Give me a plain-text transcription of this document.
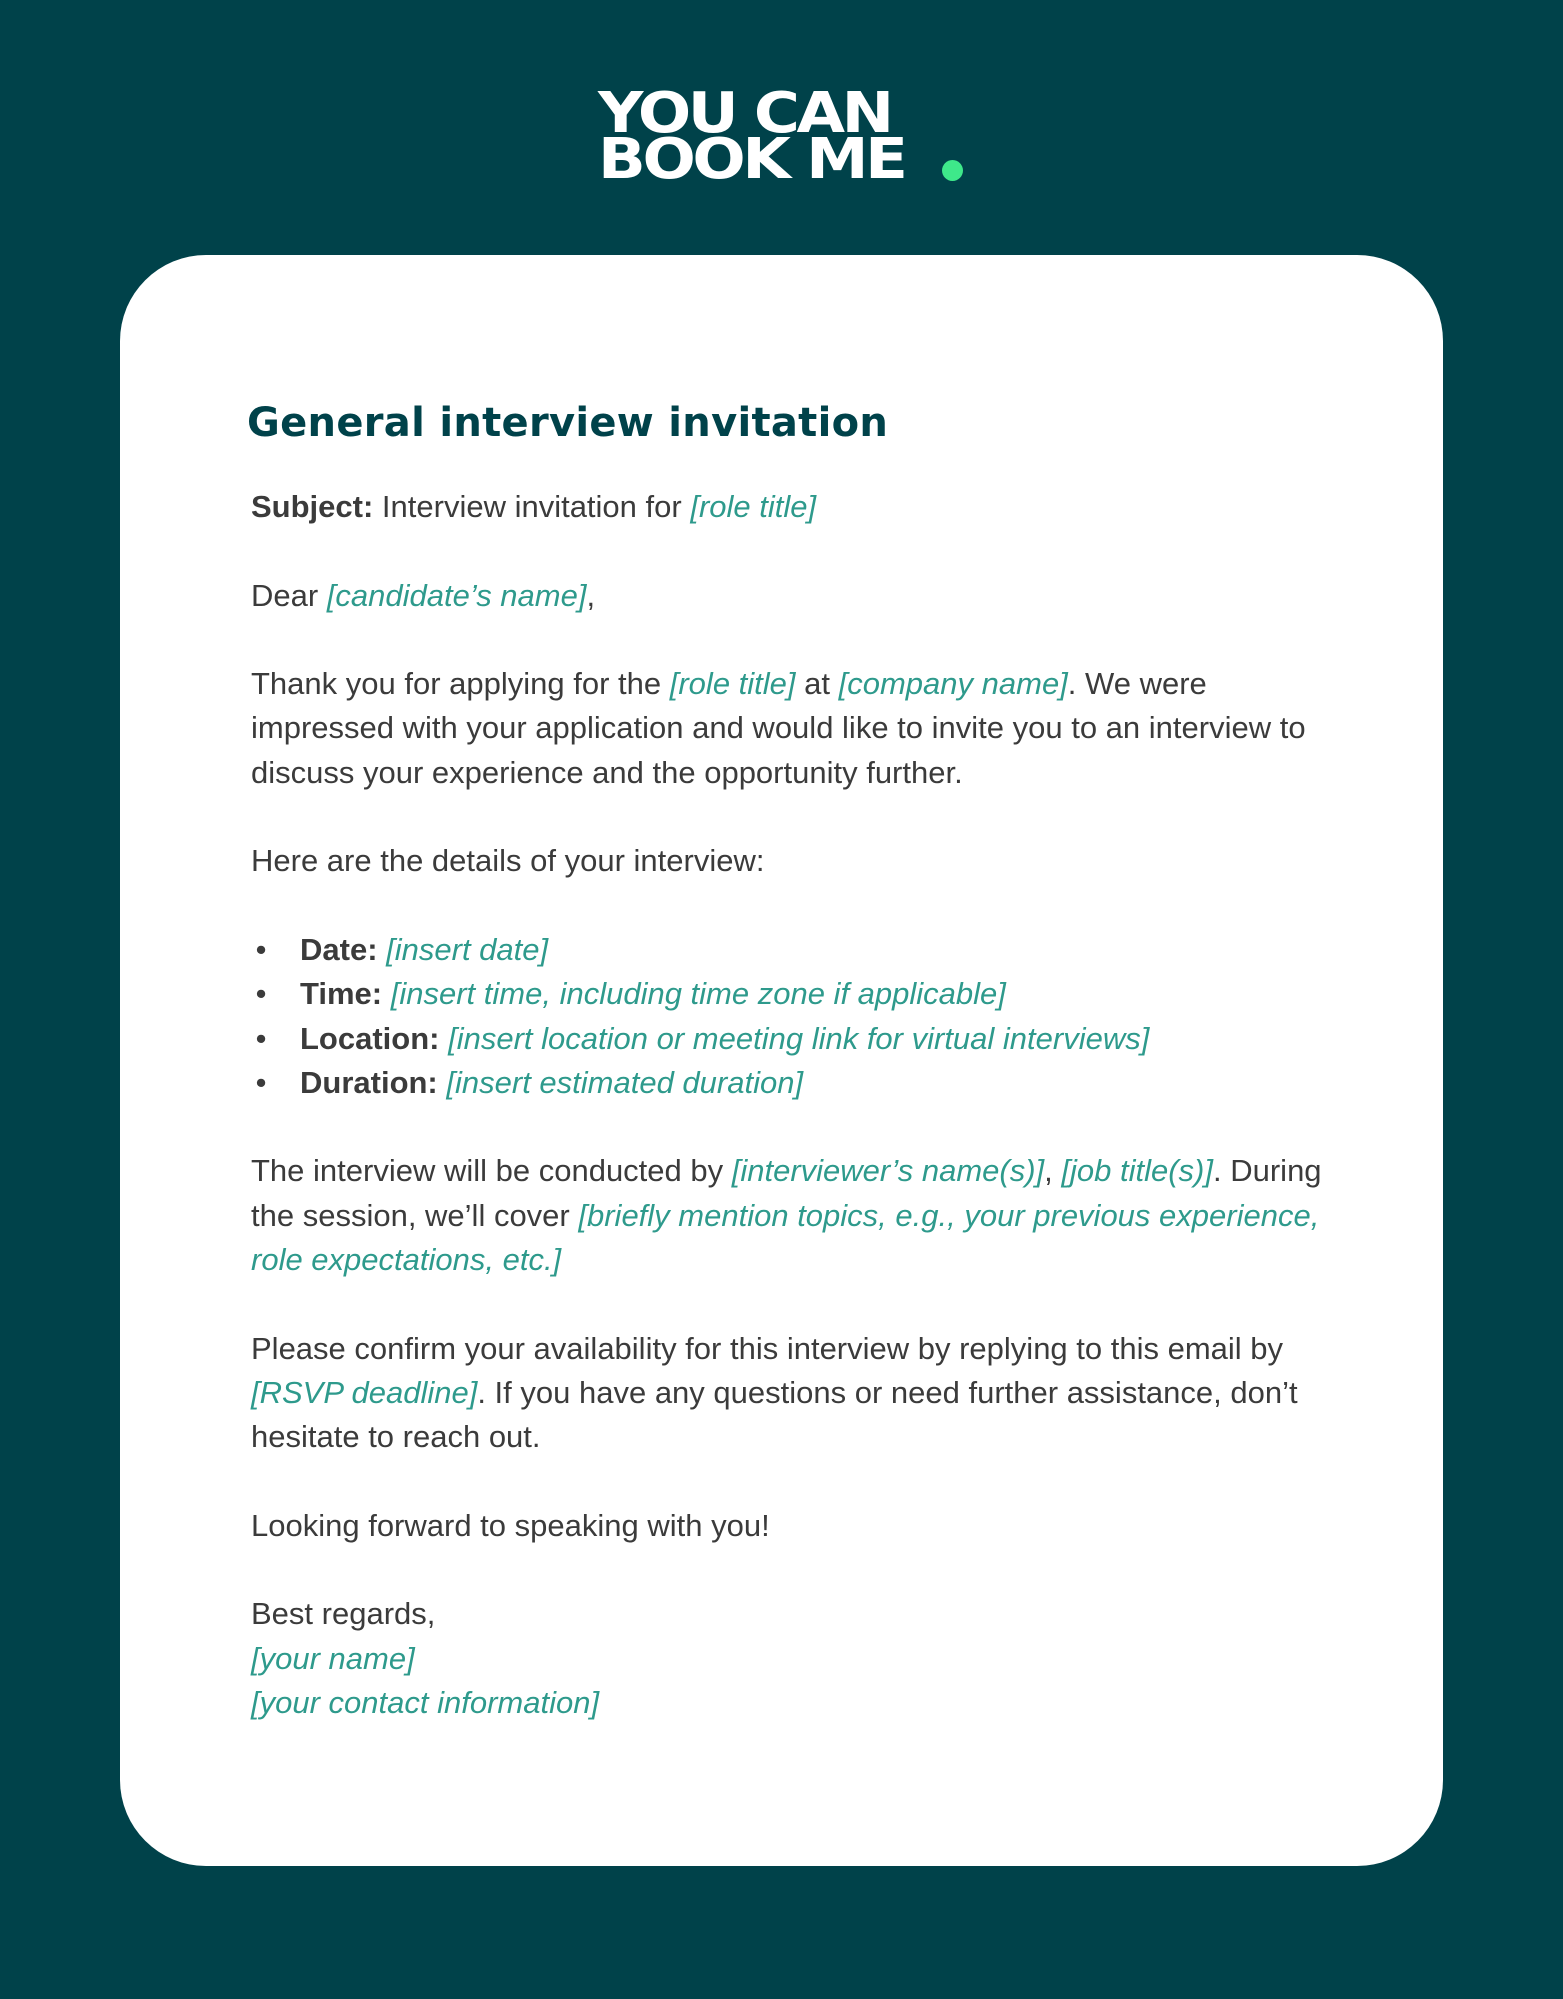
YOU CAN
BOOK ME
General interview invitation
Subject: Interview invitation for [role title]
Dear [candidate’s name],
Thank you for applying for the [role title] at [company name]. We were impressed with your application and would like to invite you to an interview to discuss your experience and the opportunity further.
Here are the details of your interview:
• Date: [insert date]
• Time: [insert time, including time zone if applicable]
• Location: [insert location or meeting link for virtual interviews]
• Duration: [insert estimated duration]
The interview will be conducted by [interviewer’s name(s)], [job title(s)]. During the session, we’ll cover [briefly mention topics, e.g., your previous experience, role expectations, etc.]
Please confirm your availability for this interview by replying to this email by [RSVP deadline]. If you have any questions or need further assistance, don’t hesitate to reach out.
Looking forward to speaking with you!
Best regards,
[your name]
[your contact information]
